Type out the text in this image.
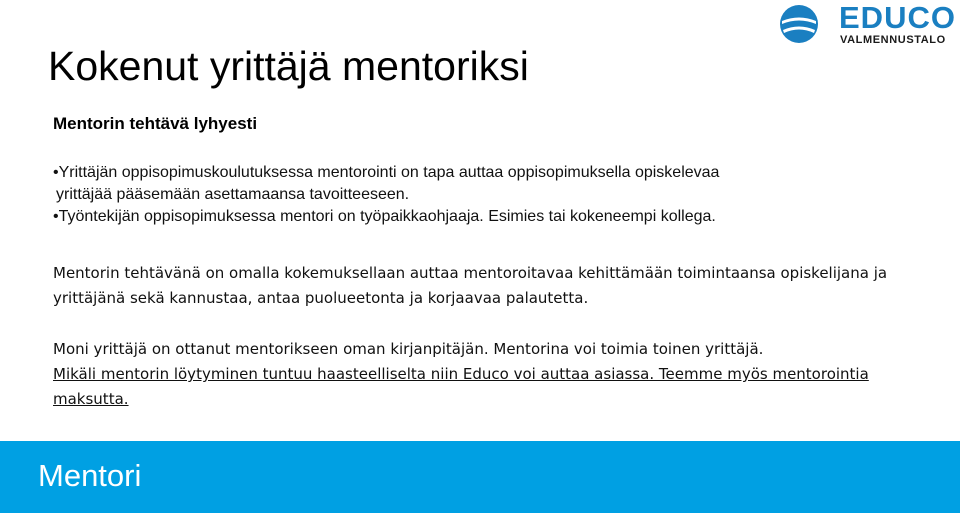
EDUCO
VALMENNUSTALO
Kokenut yrittäjä mentoriksi
Mentorin tehtävä lyhyesti
•Yrittäjän oppisopimuskoulutuksessa mentorointi on tapa auttaa oppisopimuksella opiskelevaa
yrittäjää pääsemään asettamaansa tavoitteeseen.
•Työntekijän oppisopimuksessa mentori on työpaikkaohjaaja. Esimies tai kokeneempi kollega.
Mentorin tehtävänä on omalla kokemuksellaan auttaa mentoroitavaa kehittämään toimintaansa opiskelijana ja yrittäjänä sekä kannustaa, antaa puolueetonta ja korjaavaa palautetta.
Moni yrittäjä on ottanut mentorikseen oman kirjanpitäjän. Mentorina voi toimia toinen yrittäjä.
Mikäli mentorin löytyminen tuntuu haasteelliselta niin Educo voi auttaa asiassa. Teemme myös mentorointia maksutta.
Mentori
